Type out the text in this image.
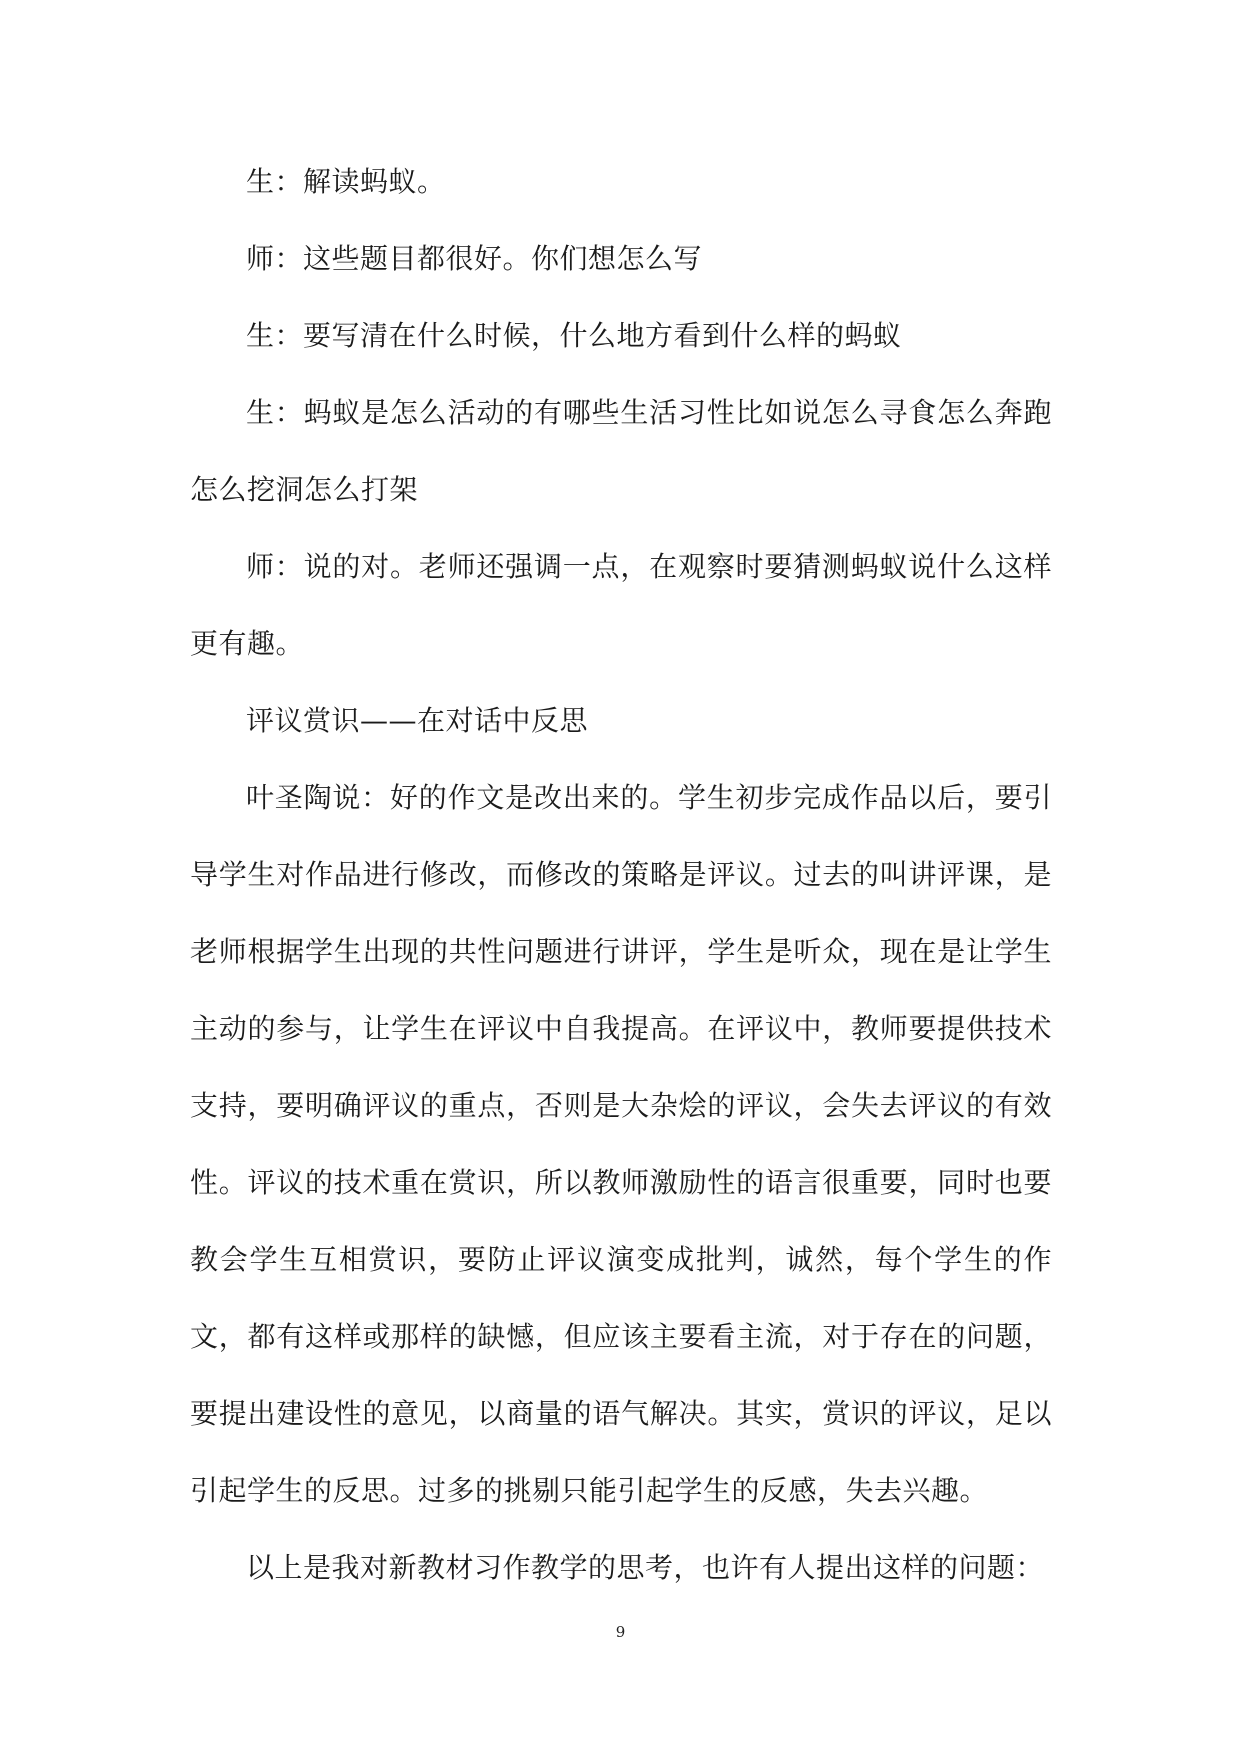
生：解读蚂蚁。

师：这些题目都很好。你们想怎么写

生：要写清在什么时候，什么地方看到什么样的蚂蚁

生：蚂蚁是怎么活动的有哪些生活习性比如说怎么寻食怎么奔跑怎么挖洞怎么打架

师：说的对。老师还强调一点，在观察时要猜测蚂蚁说什么这样更有趣。

评议赏识——在对话中反思

叶圣陶说：好的作文是改出来的。学生初步完成作品以后，要引导学生对作品进行修改，而修改的策略是评议。过去的叫讲评课，是老师根据学生出现的共性问题进行讲评，学生是听众，现在是让学生主动的参与，让学生在评议中自我提高。在评议中，教师要提供技术支持，要明确评议的重点，否则是大杂烩的评议，会失去评议的有效性。评议的技术重在赏识，所以教师激励性的语言很重要，同时也要教会学生互相赏识，要防止评议演变成批判，诚然，每个学生的作文，都有这样或那样的缺憾，但应该主要看主流，对于存在的问题，要提出建设性的意见，以商量的语气解决。其实，赏识的评议，足以引起学生的反思。过多的挑剔只能引起学生的反感，失去兴趣。

以上是我对新教材习作教学的思考，也许有人提出这样的问题：

9
